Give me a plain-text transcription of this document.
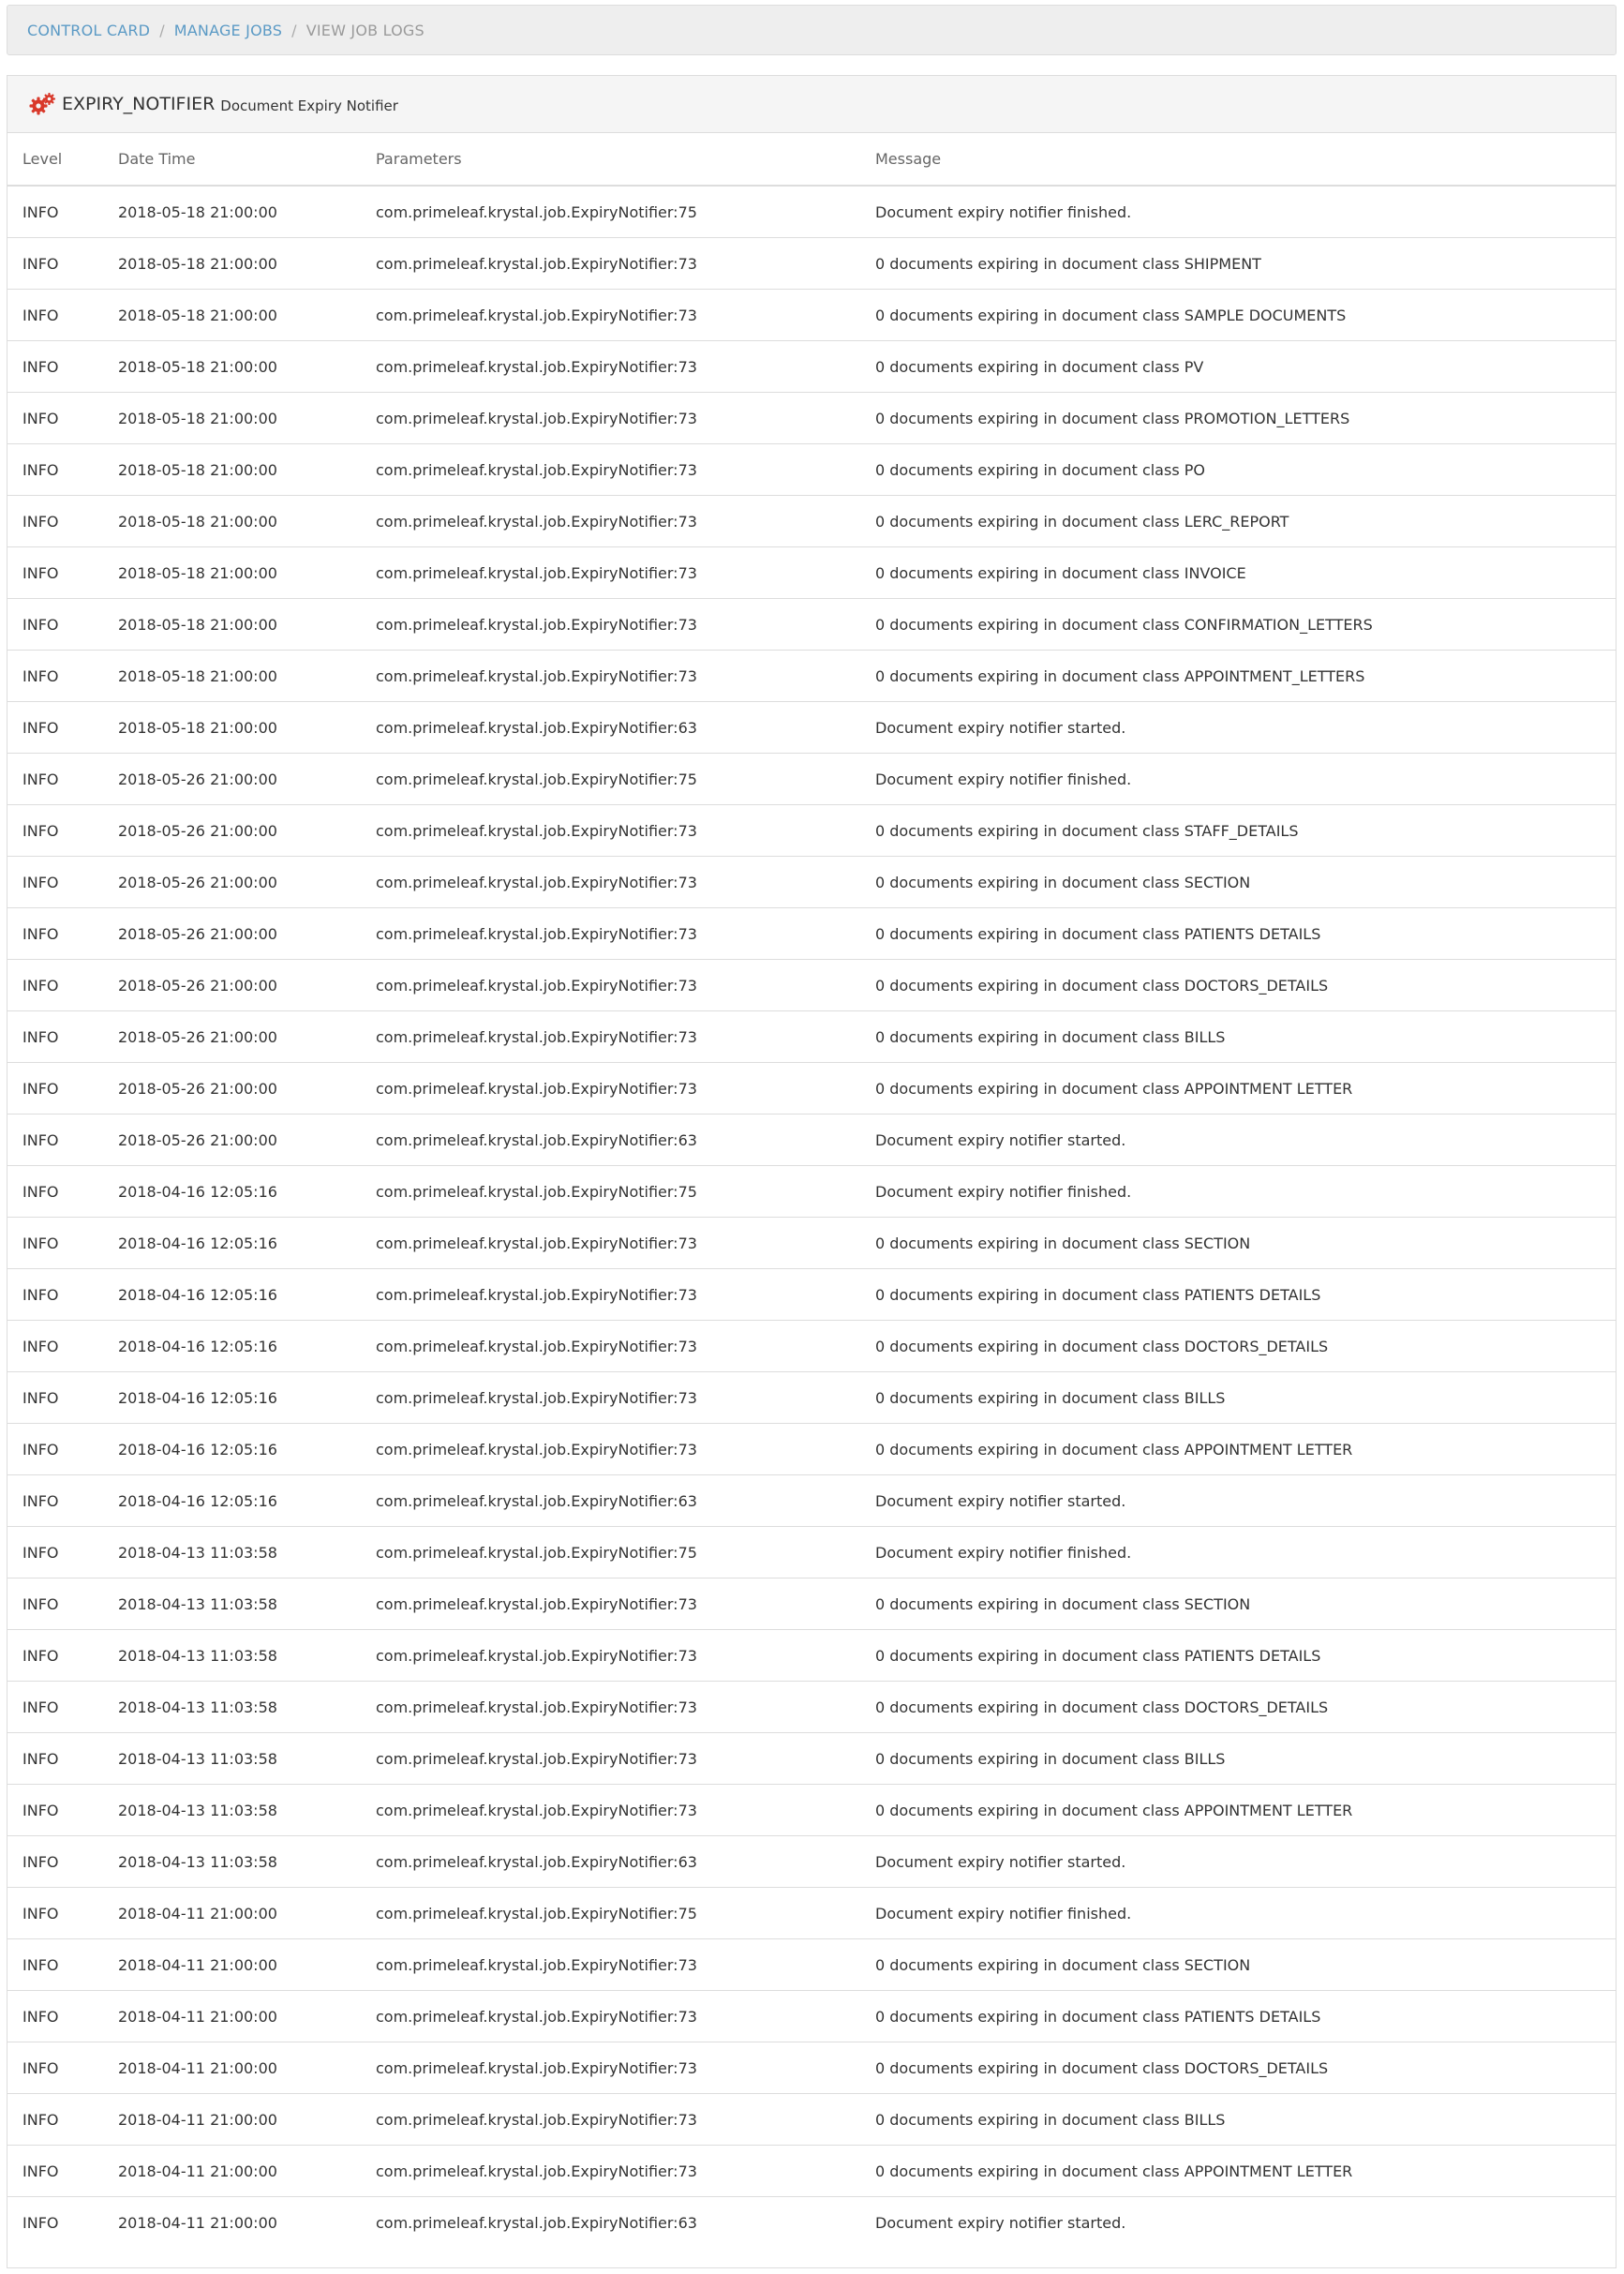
CONTROL CARD / MANAGE JOBS / VIEW JOB LOGS
EXPIRY_NOTIFIER Document Expiry Notifier
Level	Date Time	Parameters	Message
INFO	2018-05-18 21:00:00	com.primeleaf.krystal.job.ExpiryNotifier:75	Document expiry notifier finished.
INFO	2018-05-18 21:00:00	com.primeleaf.krystal.job.ExpiryNotifier:73	0 documents expiring in document class SHIPMENT
INFO	2018-05-18 21:00:00	com.primeleaf.krystal.job.ExpiryNotifier:73	0 documents expiring in document class SAMPLE DOCUMENTS
INFO	2018-05-18 21:00:00	com.primeleaf.krystal.job.ExpiryNotifier:73	0 documents expiring in document class PV
INFO	2018-05-18 21:00:00	com.primeleaf.krystal.job.ExpiryNotifier:73	0 documents expiring in document class PROMOTION_LETTERS
INFO	2018-05-18 21:00:00	com.primeleaf.krystal.job.ExpiryNotifier:73	0 documents expiring in document class PO
INFO	2018-05-18 21:00:00	com.primeleaf.krystal.job.ExpiryNotifier:73	0 documents expiring in document class LERC_REPORT
INFO	2018-05-18 21:00:00	com.primeleaf.krystal.job.ExpiryNotifier:73	0 documents expiring in document class INVOICE
INFO	2018-05-18 21:00:00	com.primeleaf.krystal.job.ExpiryNotifier:73	0 documents expiring in document class CONFIRMATION_LETTERS
INFO	2018-05-18 21:00:00	com.primeleaf.krystal.job.ExpiryNotifier:73	0 documents expiring in document class APPOINTMENT_LETTERS
INFO	2018-05-18 21:00:00	com.primeleaf.krystal.job.ExpiryNotifier:63	Document expiry notifier started.
INFO	2018-05-26 21:00:00	com.primeleaf.krystal.job.ExpiryNotifier:75	Document expiry notifier finished.
INFO	2018-05-26 21:00:00	com.primeleaf.krystal.job.ExpiryNotifier:73	0 documents expiring in document class STAFF_DETAILS
INFO	2018-05-26 21:00:00	com.primeleaf.krystal.job.ExpiryNotifier:73	0 documents expiring in document class SECTION
INFO	2018-05-26 21:00:00	com.primeleaf.krystal.job.ExpiryNotifier:73	0 documents expiring in document class PATIENTS DETAILS
INFO	2018-05-26 21:00:00	com.primeleaf.krystal.job.ExpiryNotifier:73	0 documents expiring in document class DOCTORS_DETAILS
INFO	2018-05-26 21:00:00	com.primeleaf.krystal.job.ExpiryNotifier:73	0 documents expiring in document class BILLS
INFO	2018-05-26 21:00:00	com.primeleaf.krystal.job.ExpiryNotifier:73	0 documents expiring in document class APPOINTMENT LETTER
INFO	2018-05-26 21:00:00	com.primeleaf.krystal.job.ExpiryNotifier:63	Document expiry notifier started.
INFO	2018-04-16 12:05:16	com.primeleaf.krystal.job.ExpiryNotifier:75	Document expiry notifier finished.
INFO	2018-04-16 12:05:16	com.primeleaf.krystal.job.ExpiryNotifier:73	0 documents expiring in document class SECTION
INFO	2018-04-16 12:05:16	com.primeleaf.krystal.job.ExpiryNotifier:73	0 documents expiring in document class PATIENTS DETAILS
INFO	2018-04-16 12:05:16	com.primeleaf.krystal.job.ExpiryNotifier:73	0 documents expiring in document class DOCTORS_DETAILS
INFO	2018-04-16 12:05:16	com.primeleaf.krystal.job.ExpiryNotifier:73	0 documents expiring in document class BILLS
INFO	2018-04-16 12:05:16	com.primeleaf.krystal.job.ExpiryNotifier:73	0 documents expiring in document class APPOINTMENT LETTER
INFO	2018-04-16 12:05:16	com.primeleaf.krystal.job.ExpiryNotifier:63	Document expiry notifier started.
INFO	2018-04-13 11:03:58	com.primeleaf.krystal.job.ExpiryNotifier:75	Document expiry notifier finished.
INFO	2018-04-13 11:03:58	com.primeleaf.krystal.job.ExpiryNotifier:73	0 documents expiring in document class SECTION
INFO	2018-04-13 11:03:58	com.primeleaf.krystal.job.ExpiryNotifier:73	0 documents expiring in document class PATIENTS DETAILS
INFO	2018-04-13 11:03:58	com.primeleaf.krystal.job.ExpiryNotifier:73	0 documents expiring in document class DOCTORS_DETAILS
INFO	2018-04-13 11:03:58	com.primeleaf.krystal.job.ExpiryNotifier:73	0 documents expiring in document class BILLS
INFO	2018-04-13 11:03:58	com.primeleaf.krystal.job.ExpiryNotifier:73	0 documents expiring in document class APPOINTMENT LETTER
INFO	2018-04-13 11:03:58	com.primeleaf.krystal.job.ExpiryNotifier:63	Document expiry notifier started.
INFO	2018-04-11 21:00:00	com.primeleaf.krystal.job.ExpiryNotifier:75	Document expiry notifier finished.
INFO	2018-04-11 21:00:00	com.primeleaf.krystal.job.ExpiryNotifier:73	0 documents expiring in document class SECTION
INFO	2018-04-11 21:00:00	com.primeleaf.krystal.job.ExpiryNotifier:73	0 documents expiring in document class PATIENTS DETAILS
INFO	2018-04-11 21:00:00	com.primeleaf.krystal.job.ExpiryNotifier:73	0 documents expiring in document class DOCTORS_DETAILS
INFO	2018-04-11 21:00:00	com.primeleaf.krystal.job.ExpiryNotifier:73	0 documents expiring in document class BILLS
INFO	2018-04-11 21:00:00	com.primeleaf.krystal.job.ExpiryNotifier:73	0 documents expiring in document class APPOINTMENT LETTER
INFO	2018-04-11 21:00:00	com.primeleaf.krystal.job.ExpiryNotifier:63	Document expiry notifier started.
